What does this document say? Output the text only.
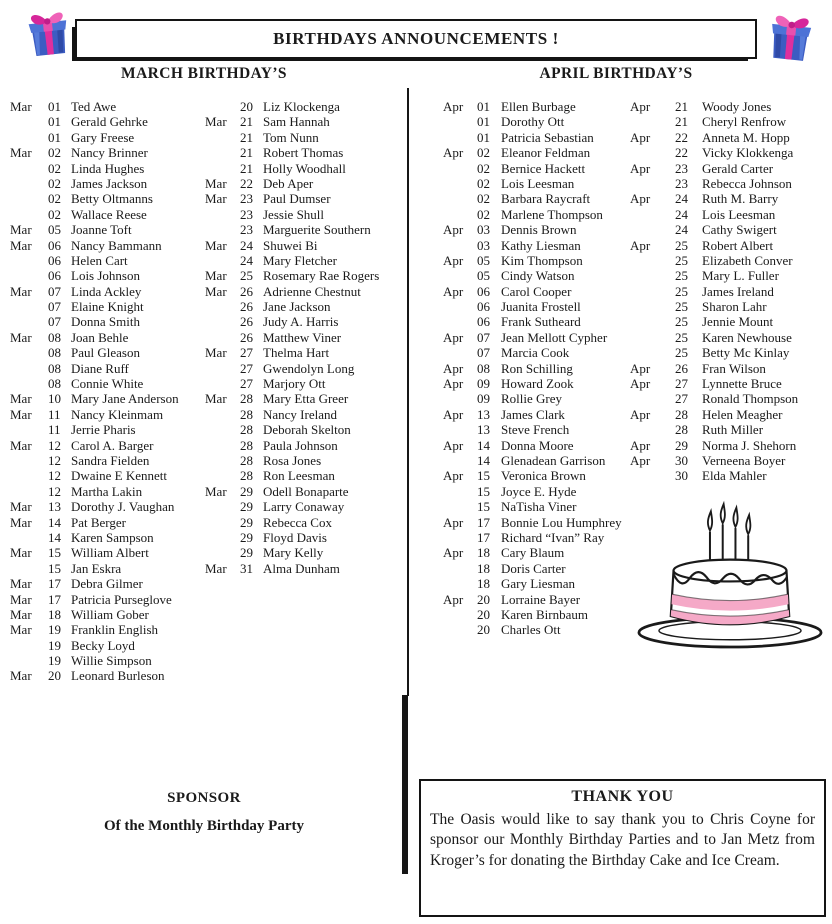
BIRTHDAYS ANNOUNCEMENTS !
MARCH BIRTHDAY’S	APRIL BIRTHDAY’S
Mar	01 Ted Awe
01 Gerald Gehrke
01 Gary Freese
Mar	02 Nancy Brinner
02 Linda Hughes
02 James Jackson
02 Betty Oltmanns
02 Wallace Reese
Mar	05 Joanne Toft
Mar	06 Nancy Bammann
06 Helen Cart
06 Lois Johnson
Mar	07 Linda Ackley
07 Elaine Knight
07 Donna Smith
Mar	08 Joan Behle
08 Paul Gleason
08 Diane Ruff
08 Connie White
Mar	10 Mary Jane Anderson
Mar	11 Nancy Kleinmam
11 Jerrie Pharis
Mar	12 Carol A. Barger
12 Sandra Fielden
12 Dwaine E Kennett
12 Martha Lakin
Mar	13 Dorothy J. Vaughan
Mar	14 Pat Berger
14 Karen Sampson
Mar	15 William Albert
15 Jan Eskra
Mar	17 Debra Gilmer
Mar	17 Patricia Purseglove
Mar	18 William Gober
Mar	19 Franklin English
19 Becky Loyd
19 Willie Simpson
Mar	20 Leonard Burleson
20 Liz Klockenga
Mar	21 Sam Hannah
21 Tom Nunn
21 Robert Thomas
21 Holly Woodhall
Mar	22 Deb Aper
Mar	23 Paul Dumser
23 Jessie Shull
23 Marguerite Southern
Mar	24 Shuwei Bi
24 Mary Fletcher
Mar	25 Rosemary Rae Rogers
Mar	26 Adrienne Chestnut
26 Jane Jackson
26 Judy A. Harris
26 Matthew Viner
Mar	27 Thelma Hart
27 Gwendolyn Long
27 Marjory Ott
Mar	28 Mary Etta Greer
28 Nancy Ireland
28 Deborah Skelton
28 Paula Johnson
28 Rosa Jones
28 Ron Leesman
Mar	29 Odell Bonaparte
29 Larry Conaway
29 Rebecca Cox
29 Floyd Davis
29 Mary Kelly
Mar	31 Alma Dunham
Apr	01 Ellen Burbage
01 Dorothy Ott
01 Patricia Sebastian
Apr	02 Eleanor Feldman
02 Bernice Hackett
02 Lois Leesman
02 Barbara Raycraft
02 Marlene Thompson
Apr	03 Dennis Brown
03 Kathy Liesman
Apr	05 Kim Thompson
05 Cindy Watson
Apr	06 Carol Cooper
06 Juanita Frostell
06 Frank Sutheard
Apr	07 Jean Mellott Cypher
07 Marcia Cook
Apr	08 Ron Schilling
Apr	09 Howard Zook
09 Rollie Grey
Apr	13 James Clark
13 Steve French
Apr	14 Donna Moore
14 Glenadean Garrison
Apr	15 Veronica Brown
15 Joyce E. Hyde
15 NaTisha Viner
Apr	17 Bonnie Lou Humphrey
17 Richard “Ivan” Ray
Apr	18 Cary Blaum
18 Doris Carter
18 Gary Liesman
Apr	20 Lorraine Bayer
20 Karen Birnbaum
20 Charles Ott
Apr	21	Woody Jones
21	Cheryl Renfrow
Apr	22	Anneta M. Hopp
22	Vicky Klokkenga
Apr	23	Gerald Carter
23	Rebecca Johnson
Apr	24	Ruth M. Barry
24	Lois Leesman
24	Cathy Swigert
Apr	25	Robert Albert
25	Elizabeth Conver
25	Mary L. Fuller
25	James Ireland
25	Sharon Lahr
25	Jennie Mount
25	Karen Newhouse
25	Betty Mc Kinlay
Apr	26	Fran Wilson
Apr	27	Lynnette Bruce
27	Ronald Thompson
Apr	28	Helen Meagher
28	Ruth Miller
Apr	29	Norma J. Shehorn
Apr	30	Verneena Boyer
30	Elda Mahler

SPONSOR

Of the Monthly Birthday Party

THANK YOU

The Oasis would like to say thank you to Chris Coyne for sponsor our Monthly Birthday Parties and to Jan Metz from Kroger’s for donating the Birthday Cake and Ice Cream.
